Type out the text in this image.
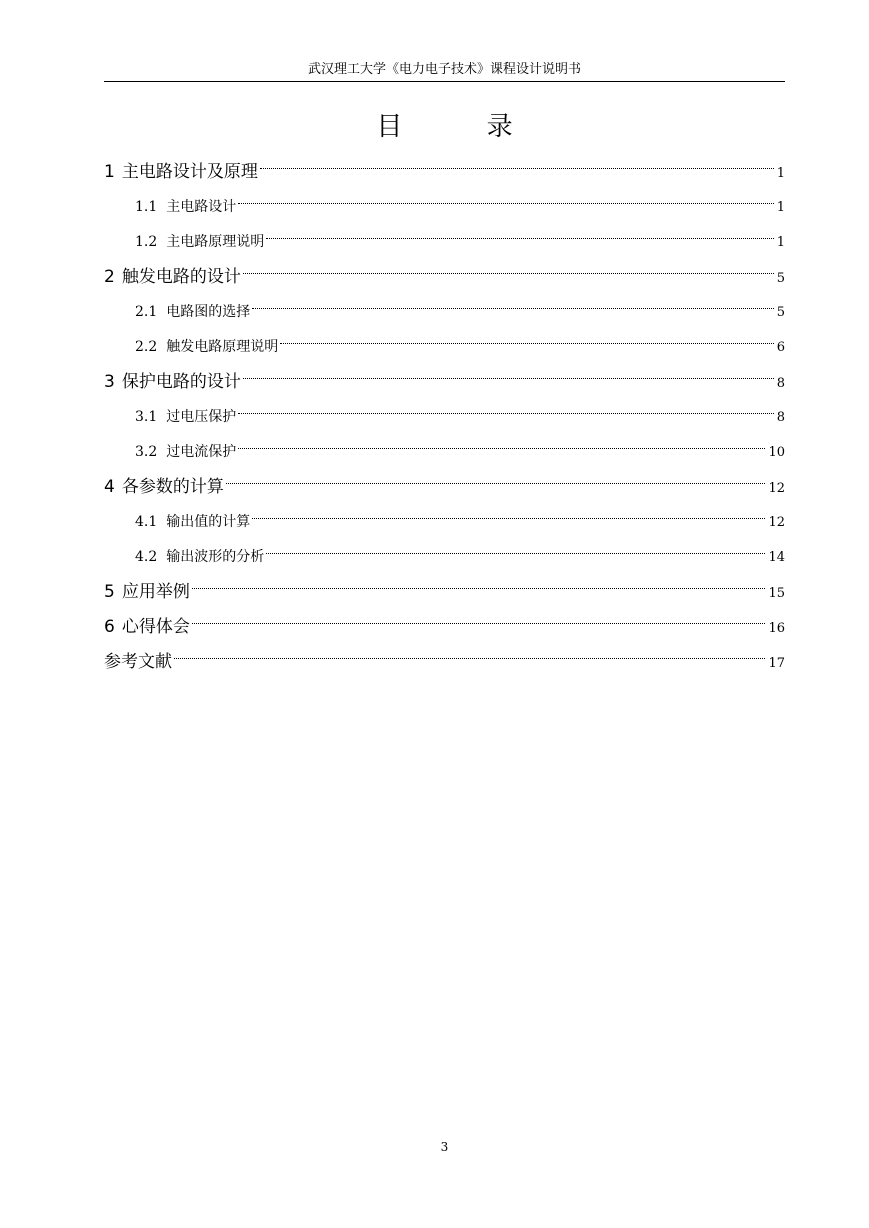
武汉理工大学《电力电子技术》课程设计说明书
目 录
1 主电路设计及原理	1
1.1 主电路设计	1
1.2 主电路原理说明	1
2 触发电路的设计	5
2.1 电路图的选择	5
2.2 触发电路原理说明	6
3 保护电路的设计	8
3.1 过电压保护	8
3.2 过电流保护	10
4 各参数的计算	12
4.1 输出值的计算	12
4.2 输出波形的分析	14
5 应用举例	15
6 心得体会	16
参考文献	17
3
